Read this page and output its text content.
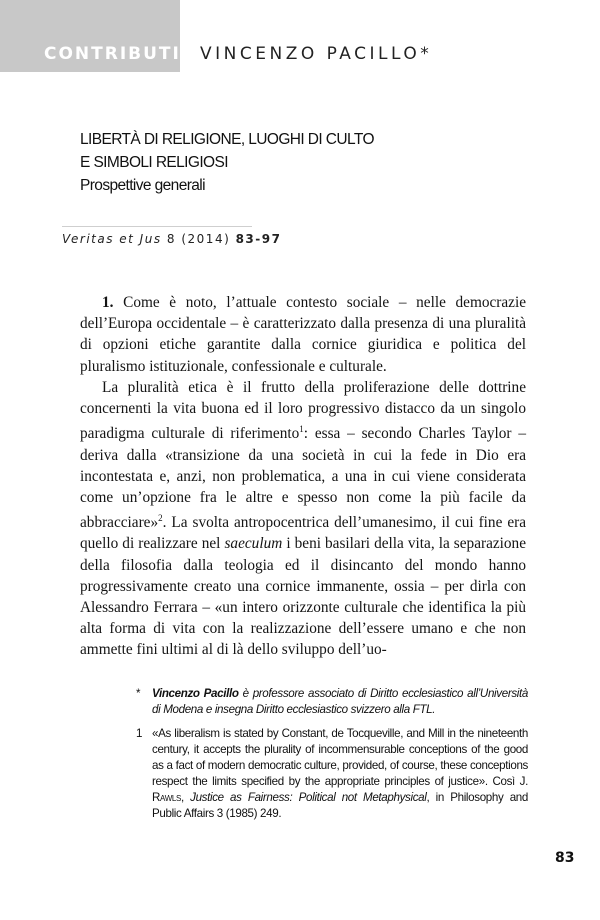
CONTRIBUTI VINCENZO PACILLO*
LIBERTÀ DI RELIGIONE, LUOGHI DI CULTO
E SIMBOLI RELIGIOSI
Prospettive generali
Veritas et Jus 8 (2014) 83-97

1. Come è noto, l’attuale contesto sociale – nelle democrazie dell’Europa occidentale – è caratterizzato dalla presenza di una pluralità di opzioni etiche garantite dalla cornice giuridica e politica del pluralismo istituzionale, confessionale e culturale.

La pluralità etica è il frutto della proliferazione delle dottrine concernenti la vita buona ed il loro progressivo distacco da un singolo paradigma culturale di riferimento$^1$: essa – secondo Charles Taylor – deriva dalla «transizione da una società in cui la fede in Dio era incontestata e, anzi, non problematica, a una in cui viene considerata come un’opzione fra le altre e spesso non come la più facile da abbracciare»$^2$. La svolta antropocentrica dell’umanesimo, il cui fine era quello di realizzare nel saeculum i beni basilari della vita, la separazione della filosofia dalla teologia ed il disincanto del mondo hanno progressivamente creato una cornice immanente, ossia – per dirla con Alessandro Ferrara – «un intero orizzonte culturale che identifica la più alta forma di vita con la realizzazione dell’essere umano e che non ammette fini ultimi al di là dello sviluppo dell’uo-

* Vincenzo Pacillo è professore associato di Diritto ecclesiastico all’Università di Modena e insegna Diritto ecclesiastico svizzero alla FTL.
1 «As liberalism is stated by Constant, de Tocqueville, and Mill in the nineteenth century, it accepts the plurality of incommensurable conceptions of the good as a fact of modern democratic culture, provided, of course, these conceptions respect the limits specified by the appropriate principles of justice». Così J. Rawls, Justice as Fairness: Political not Metaphysical, in Philosophy and Public Affairs 3 (1985) 249.
83
